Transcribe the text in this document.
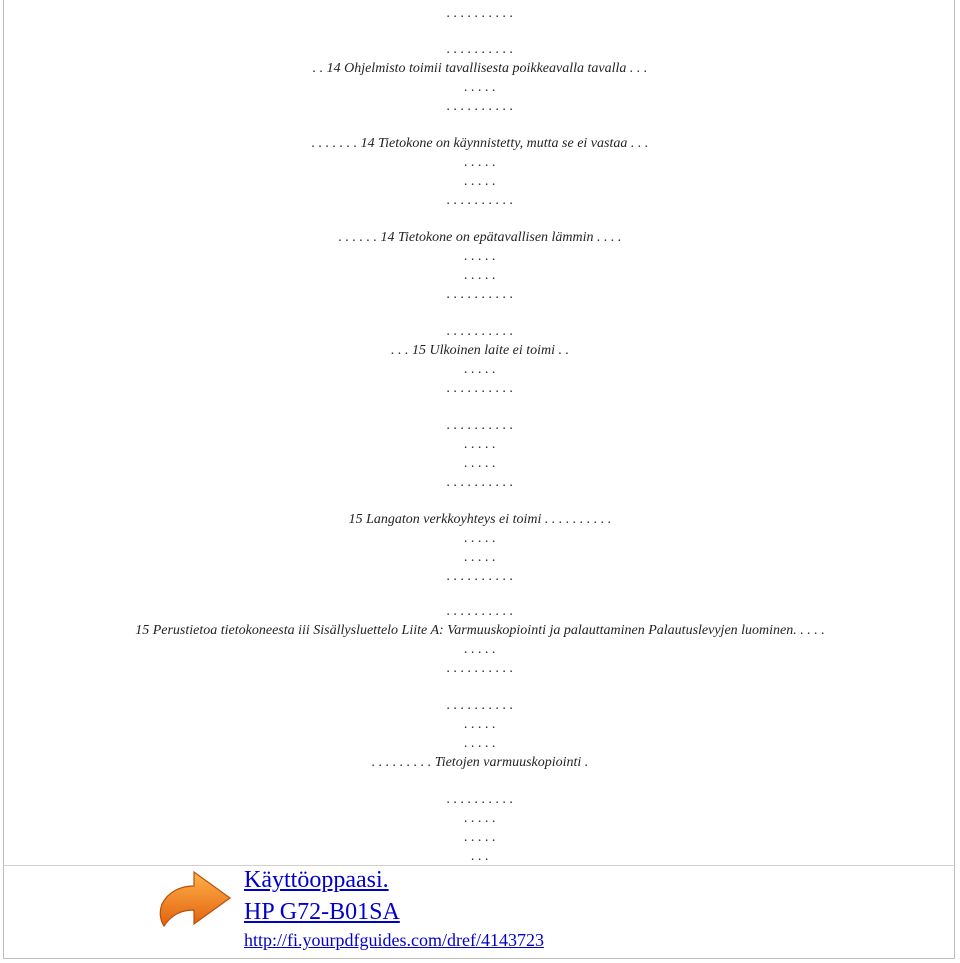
. . . . . . . . . .
. . . . . . . . . .
. . 14 Ohjelmisto toimii tavallisesta poikkeavalla tavalla . . .
. . . . .
. . . . . . . . . .
. . . . . . . 14 Tietokone on käynnistetty, mutta se ei vastaa . . .
. . . . .
. . . . .
. . . . . . . . . .
. . . . . . 14 Tietokone on epätavallisen lämmin . . . .
. . . . .
. . . . .
. . . . . . . . . .
. . . . . . . . . .
. . . 15 Ulkoinen laite ei toimi . .
. . . . .
. . . . . . . . . .
. . . . . . . . . .
. . . . .
. . . . .
. . . . . . . . . .
15 Langaton verkkoyhteys ei toimi . . . . . . . . . .
. . . . .
. . . . .
. . . . . . . . . .
. . . . . . . . . .
15 Perustietoa tietokoneesta iii Sisällysluettelo Liite A: Varmuuskopiointi ja palauttaminen Palautuslevyjen luominen. . . . .
. . . . .
. . . . . . . . . .
. . . . . . . . . .
. . . . .
. . . . .
. . . . . . . . . Tietojen varmuuskopiointi .
. . . . . . . . . .
. . . . .
. . . . .
. . .
Käyttöoppaasi.
HP G72-B01SA
http://fi.yourpdfguides.com/dref/4143723
